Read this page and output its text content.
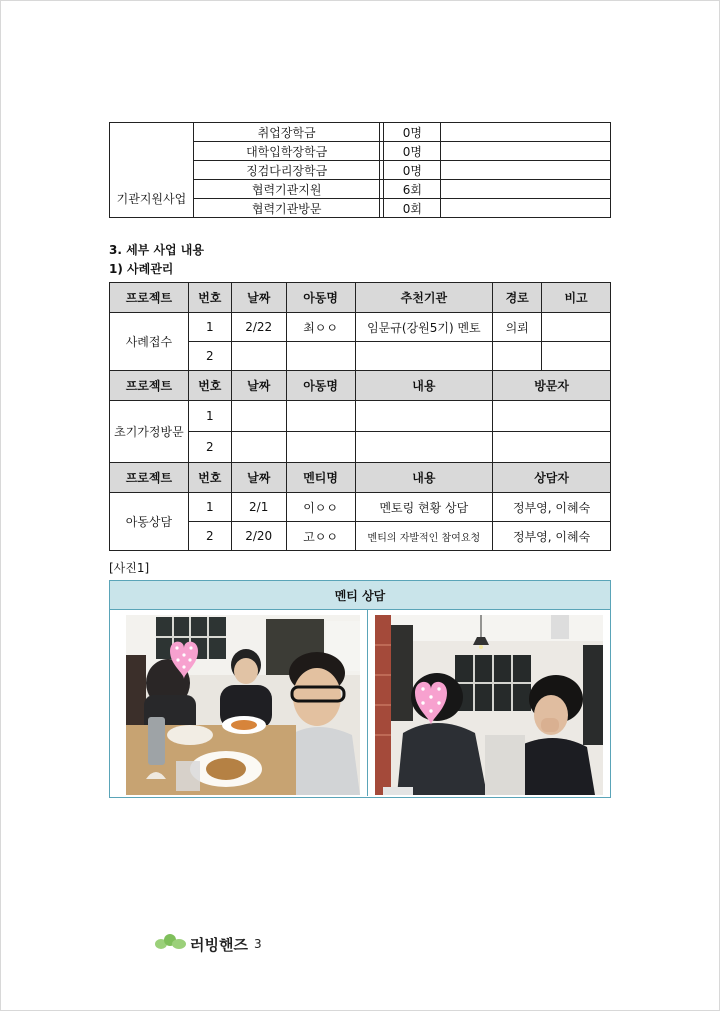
	취업장학금		0명	
	대학입학장학금		0명	
	징검다리장학금		0명	
기관지원사업	협력기관지원		6회	
	협력기관방문		0회	
3. 세부 사업 내용
1) 사례관리
프로젝트	번호	날짜	아동명	추천기관	경로	비고
사례접수	1	2/22	최ㅇㅇ	임문규(강원5기) 멘토	의뢰	
	2					
프로젝트	번호	날짜	아동명	내용	방문자	
초기가정방문	1					
	2					
프로젝트	번호	날짜	멘티명	내용	상담자	
아동상담	1	2/1	이ㅇㅇ	멘토링 현황 상담	정부영, 이혜숙	
	2	2/20	고ㅇㅇ	멘티의 자발적인 참여요청	정부영, 이혜숙	
[사진1]
멘티 상담
러빙핸즈 3
